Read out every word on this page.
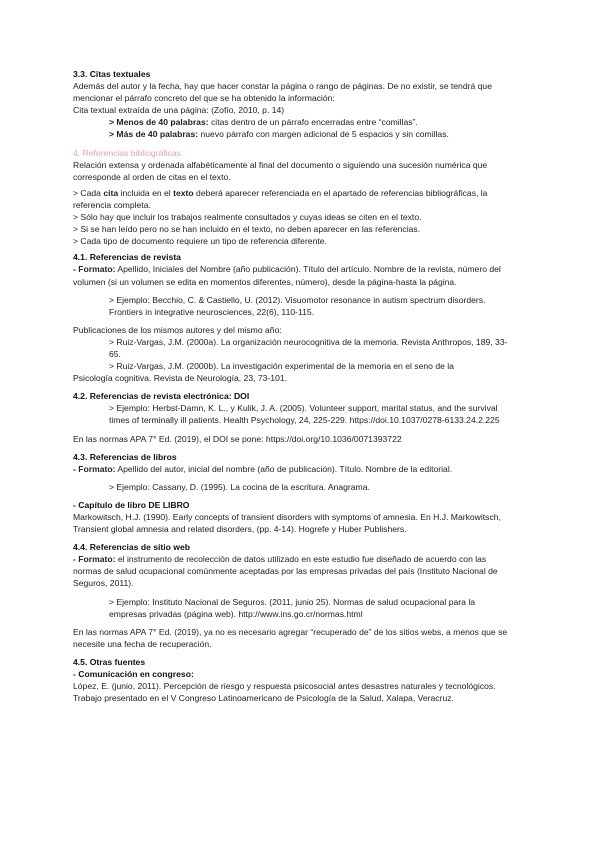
3.3. Citas textuales

Además del autor y la fecha, hay que hacer constar la página o rango de páginas. De no existir, se tendrá que mencionar el párrafo concreto del que se ha obtenido la información:

Cita textual extraída de una página: (Zofío, 2010, p. 14)

> Menos de 40 palabras: citas dentro de un párrafo encerradas entre “comillas”.

> Más de 40 palabras: nuevo párrafo con margen adicional de 5 espacios y sin comillas.

4. Referencias bibliográficas

Relación extensa y ordenada alfabéticamente al final del documento o siguiendo una sucesión numérica que corresponde al orden de citas en el texto.

> Cada cita incluida en el texto deberá aparecer referenciada en el apartado de referencias bibliográficas, la referencia completa.

> Sólo hay que incluir los trabajos realmente consultados y cuyas ideas se citen en el texto.

> Si se han leído pero no se han incluido en el texto, no deben aparecer en las referencias.

> Cada tipo de documento requiere un tipo de referencia diferente.

4.1. Referencias de revista

- Formato: Apellido, Iniciales del Nombre (año publicación). Título del artículo. Nombre de la revista, número del volumen (si un volumen se edita en momentos diferentes, número), desde la página-hasta la página.

> Ejemplo: Becchio, C. & Castiello, U. (2012). Visuomotor resonance in autism spectrum disorders. Frontiers in integrative neurosciences, 22(6), 110-115.

Publicaciones de los mismos autores y del mismo año:

> Ruiz-Vargas, J.M. (2000a). La organización neurocognitiva de la memoria. Revista Anthropos, 189, 33-65.

> Ruiz-Vargas, J.M. (2000b). La investigación experimental de la memoria en el seno de la

Psicología cognitiva. Revista de Neurología, 23, 73-101.

4.2. Referencias de revista electrónica: DOI

> Ejemplo: Herbst-Damn, K. L., y Kulik, J. A. (2005). Volunteer support, marital status, and the survival times of terminally ill patients. Health Psychology, 24, 225-229. https://doi.10.1037/0278-6133.24.2.225

En las normas APA 7° Ed. (2019), el DOI se pone: https://doi.org/10.1036/0071393722

4.3. Referencias de libros

- Formato: Apellido del autor, inicial del nombre (año de publicación). Título. Nombre de la editorial.

> Ejemplo: Cassany, D. (1995). La cocina de la escritura. Anagrama.

- Capítulo de libro DE LIBRO

Markowitsch, H.J. (1990). Early concepts of transient disorders with symptoms of amnesia. En H.J. Markowitsch, Transient global amnesia and related disorders, (pp. 4-14). Hogrefe y Huber Publishers.

4.4. Referencias de sitio web

- Formato: el instrumento de recolección de datos utilizado en este estudio fue diseñado de acuerdo con las normas de salud ocupacional comúnmente aceptadas por las empresas privadas del país (Instituto Nacional de Seguros, 2011).

> Ejemplo: Instituto Nacional de Seguros. (2011, junio 25). Normas de salud ocupacional para la empresas privadas (página web). http://www.ins.go.cr/normas.html

En las normas APA 7° Ed. (2019), ya no es necesario agregar “recuperado de” de los sitios webs, a menos que se necesite una fecha de recuperación.

4.5. Otras fuentes

- Comunicación en congreso:

López, E. (junio, 2011). Percepción de riesgo y respuesta psicosocial antes desastres naturales y tecnológicos. Trabajo presentado en el V Congreso Latinoamericano de Psicología de la Salud, Xalapa, Veracruz.
